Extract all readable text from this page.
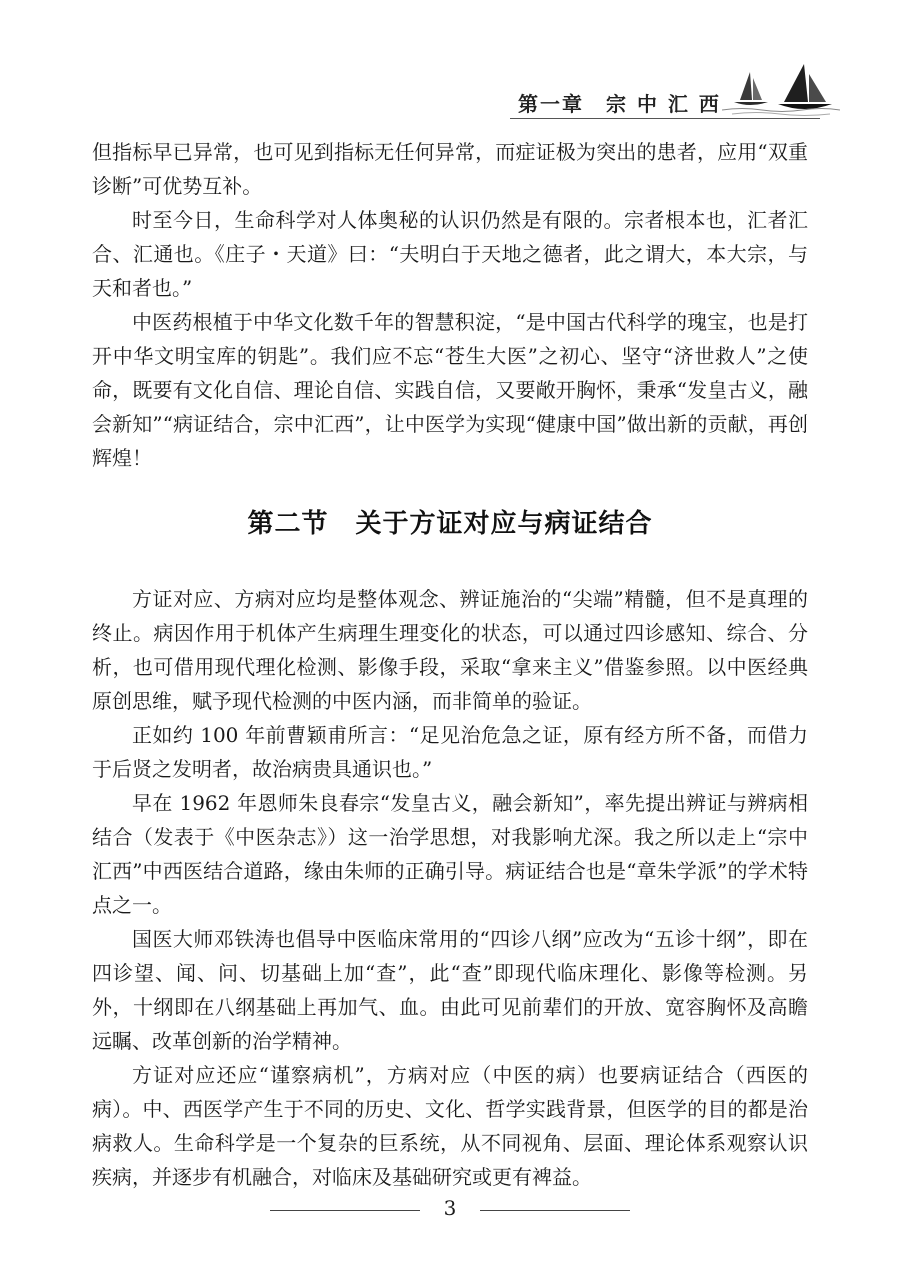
第一章　宗 中 汇 西

但指标早已异常，也可见到指标无任何异常，而症证极为突出的患者，应用“双重诊断”可优势互补。

时至今日，生命科学对人体奥秘的认识仍然是有限的。宗者根本也，汇者汇合、汇通也。《庄子・天道》曰：“夫明白于天地之德者，此之谓大，本大宗，与天和者也。”

中医药根植于中华文化数千年的智慧积淀，“是中国古代科学的瑰宝，也是打开中华文明宝库的钥匙”。我们应不忘“苍生大医”之初心、坚守“济世救人”之使命，既要有文化自信、理论自信、实践自信，又要敞开胸怀，秉承“发皇古义，融会新知”“病证结合，宗中汇西”，让中医学为实现“健康中国”做出新的贡献，再创辉煌！

第二节　关于方证对应与病证结合

方证对应、方病对应均是整体观念、辨证施治的“尖端”精髓，但不是真理的终止。病因作用于机体产生病理生理变化的状态，可以通过四诊感知、综合、分析，也可借用现代理化检测、影像手段，采取“拿来主义”借鉴参照。以中医经典原创思维，赋予现代检测的中医内涵，而非简单的验证。

正如约 100 年前曹颖甫所言：“足见治危急之证，原有经方所不备，而借力于后贤之发明者，故治病贵具通识也。”

早在 1962 年恩师朱良春宗“发皇古义，融会新知”，率先提出辨证与辨病相结合（发表于《中医杂志》）这一治学思想，对我影响尤深。我之所以走上“宗中汇西”中西医结合道路，缘由朱师的正确引导。病证结合也是“章朱学派”的学术特点之一。

国医大师邓铁涛也倡导中医临床常用的“四诊八纲”应改为“五诊十纲”，即在四诊望、闻、问、切基础上加“查”，此“查”即现代临床理化、影像等检测。另外，十纲即在八纲基础上再加气、血。由此可见前辈们的开放、宽容胸怀及高瞻远瞩、改革创新的治学精神。

方证对应还应“谨察病机”，方病对应（中医的病）也要病证结合（西医的病）。中、西医学产生于不同的历史、文化、哲学实践背景，但医学的目的都是治病救人。生命科学是一个复杂的巨系统，从不同视角、层面、理论体系观察认识疾病，并逐步有机融合，对临床及基础研究或更有裨益。

3
